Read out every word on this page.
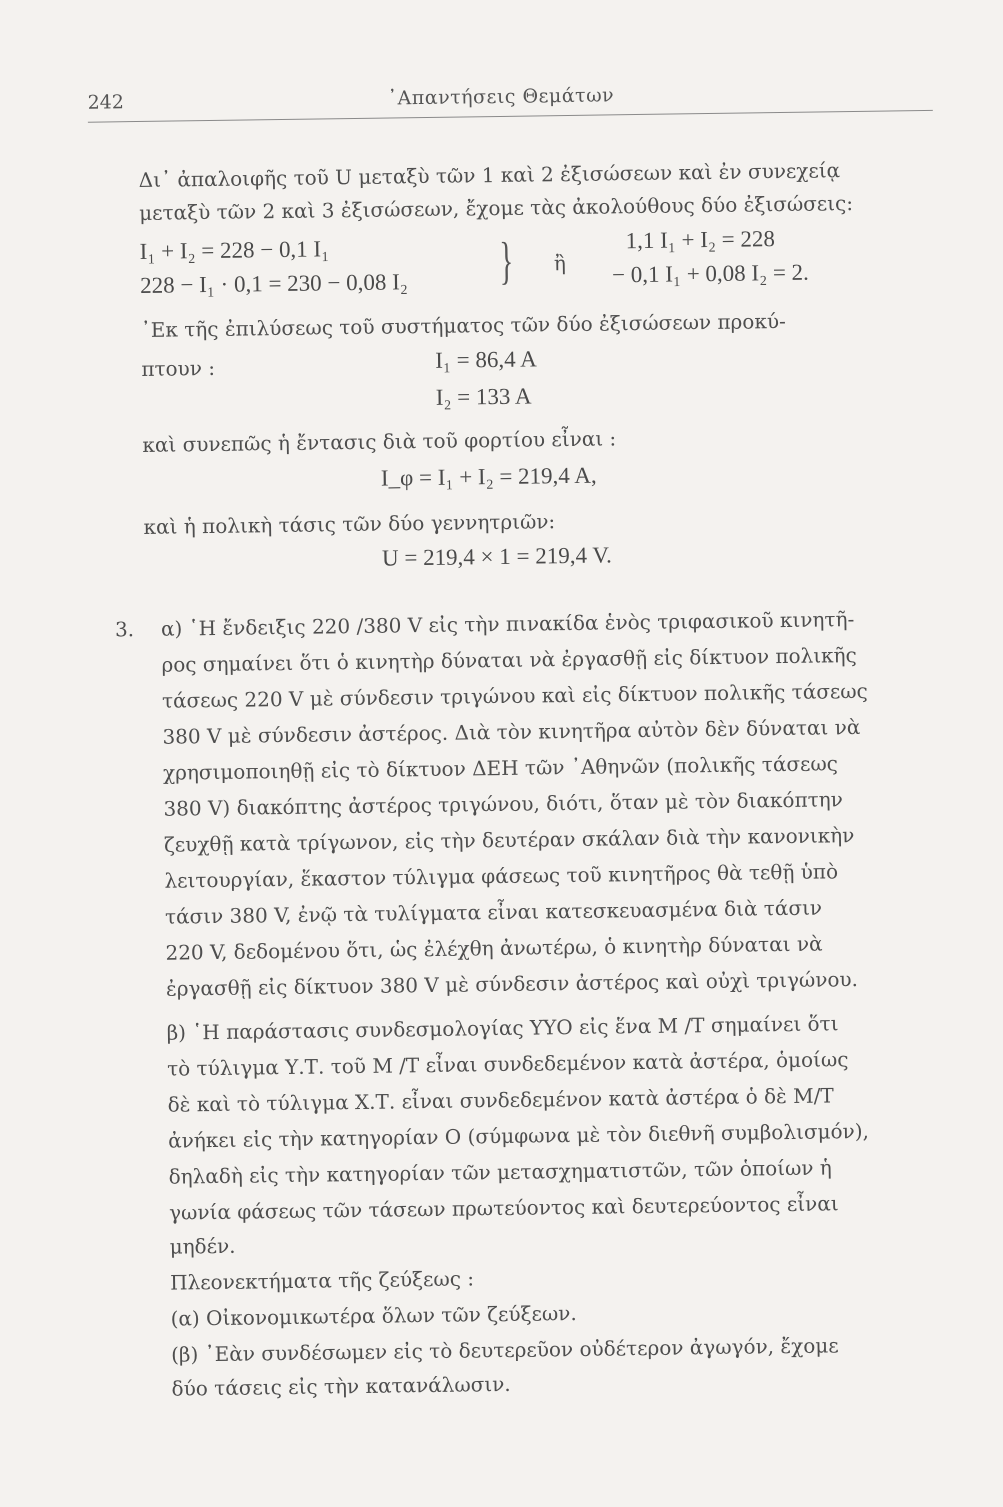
242	᾿Απαντήσεις Θεμάτων
Δι᾿ ἀπαλοιφῆς τοῦ U μεταξὺ τῶν 1 καὶ 2 ἐξισώσεων καὶ ἐν συνεχείᾳ
μεταξὺ τῶν 2 καὶ 3 ἐξισώσεων, ἔχομε τὰς ἀκολούθους δύο ἐξισώσεις:
I₁ + I₂ = 228 − 0,1 I₁
228 − I₁ · 0,1 = 230 − 0,08 I₂ } ἢ
1,1 I₁ + I₂ = 228
− 0,1 I₁ + 0,08 I₂ = 2.
᾿Εκ τῆς ἐπιλύσεως τοῦ συστήματος τῶν δύο ἐξισώσεων προκύ-
πτουν :	I₁ = 86,4 A
I₂ = 133 A
καὶ συνεπῶς ἡ ἔντασις διὰ τοῦ φορτίου εἶναι :
I_φ = I₁ + I₂ = 219,4 A,
καὶ ἡ πολικὴ τάσις τῶν δύο γεννητριῶν:
U = 219,4 × 1 = 219,4 V.
3. α) ῾Η ἔνδειξις 220 /380 V εἰς τὴν πινακίδα ἑνὸς τριφασικοῦ κινητῆ-
ρος σημαίνει ὅτι ὁ κινητὴρ δύναται νὰ ἐργασθῇ εἰς δίκτυον πολικῆς
τάσεως 220 V μὲ σύνδεσιν τριγώνου καὶ εἰς δίκτυον πολικῆς τάσεως
380 V μὲ σύνδεσιν ἀστέρος. Διὰ τὸν κινητῆρα αὐτὸν δὲν δύναται νὰ
χρησιμοποιηθῇ εἰς τὸ δίκτυον ΔΕΗ τῶν ᾿Αθηνῶν (πολικῆς τάσεως
380 V) διακόπτης ἀστέρος τριγώνου, διότι, ὅταν μὲ τὸν διακόπτην
ζευχθῇ κατὰ τρίγωνον, εἰς τὴν δευτέραν σκάλαν διὰ τὴν κανονικὴν
λειτουργίαν, ἕκαστον τύλιγμα φάσεως τοῦ κινητῆρος θὰ τεθῇ ὑπὸ
τάσιν 380 V, ἐνῷ τὰ τυλίγματα εἶναι κατεσκευασμένα διὰ τάσιν
220 V, δεδομένου ὅτι, ὡς ἐλέχθη ἀνωτέρω, ὁ κινητὴρ δύναται νὰ
ἐργασθῇ εἰς δίκτυον 380 V μὲ σύνδεσιν ἀστέρος καὶ οὐχὶ τριγώνου.
β) ῾Η παράστασις συνδεσμολογίας YYO εἰς ἕνα Μ /Τ σημαίνει ὅτι
τὸ τύλιγμα Υ.Τ. τοῦ Μ /Τ εἶναι συνδεδεμένον κατὰ ἀστέρα, ὁμοίως
δὲ καὶ τὸ τύλιγμα Χ.Τ. εἶναι συνδεδεμένον κατὰ ἀστέρα ὁ δὲ Μ/Τ
ἀνήκει εἰς τὴν κατηγορίαν O (σύμφωνα μὲ τὸν διεθνῆ συμβολισμόν),
δηλαδὴ εἰς τὴν κατηγορίαν τῶν μετασχηματιστῶν, τῶν ὁποίων ἡ
γωνία φάσεως τῶν τάσεων πρωτεύοντος καὶ δευτερεύοντος εἶναι
μηδέν.
Πλεονεκτήματα τῆς ζεύξεως :
(α) Οἰκονομικωτέρα ὅλων τῶν ζεύξεων.
(β) ᾿Εὰν συνδέσωμεν εἰς τὸ δευτερεῦον οὐδέτερον ἀγωγόν, ἔχομε
δύο τάσεις εἰς τὴν κατανάλωσιν.
